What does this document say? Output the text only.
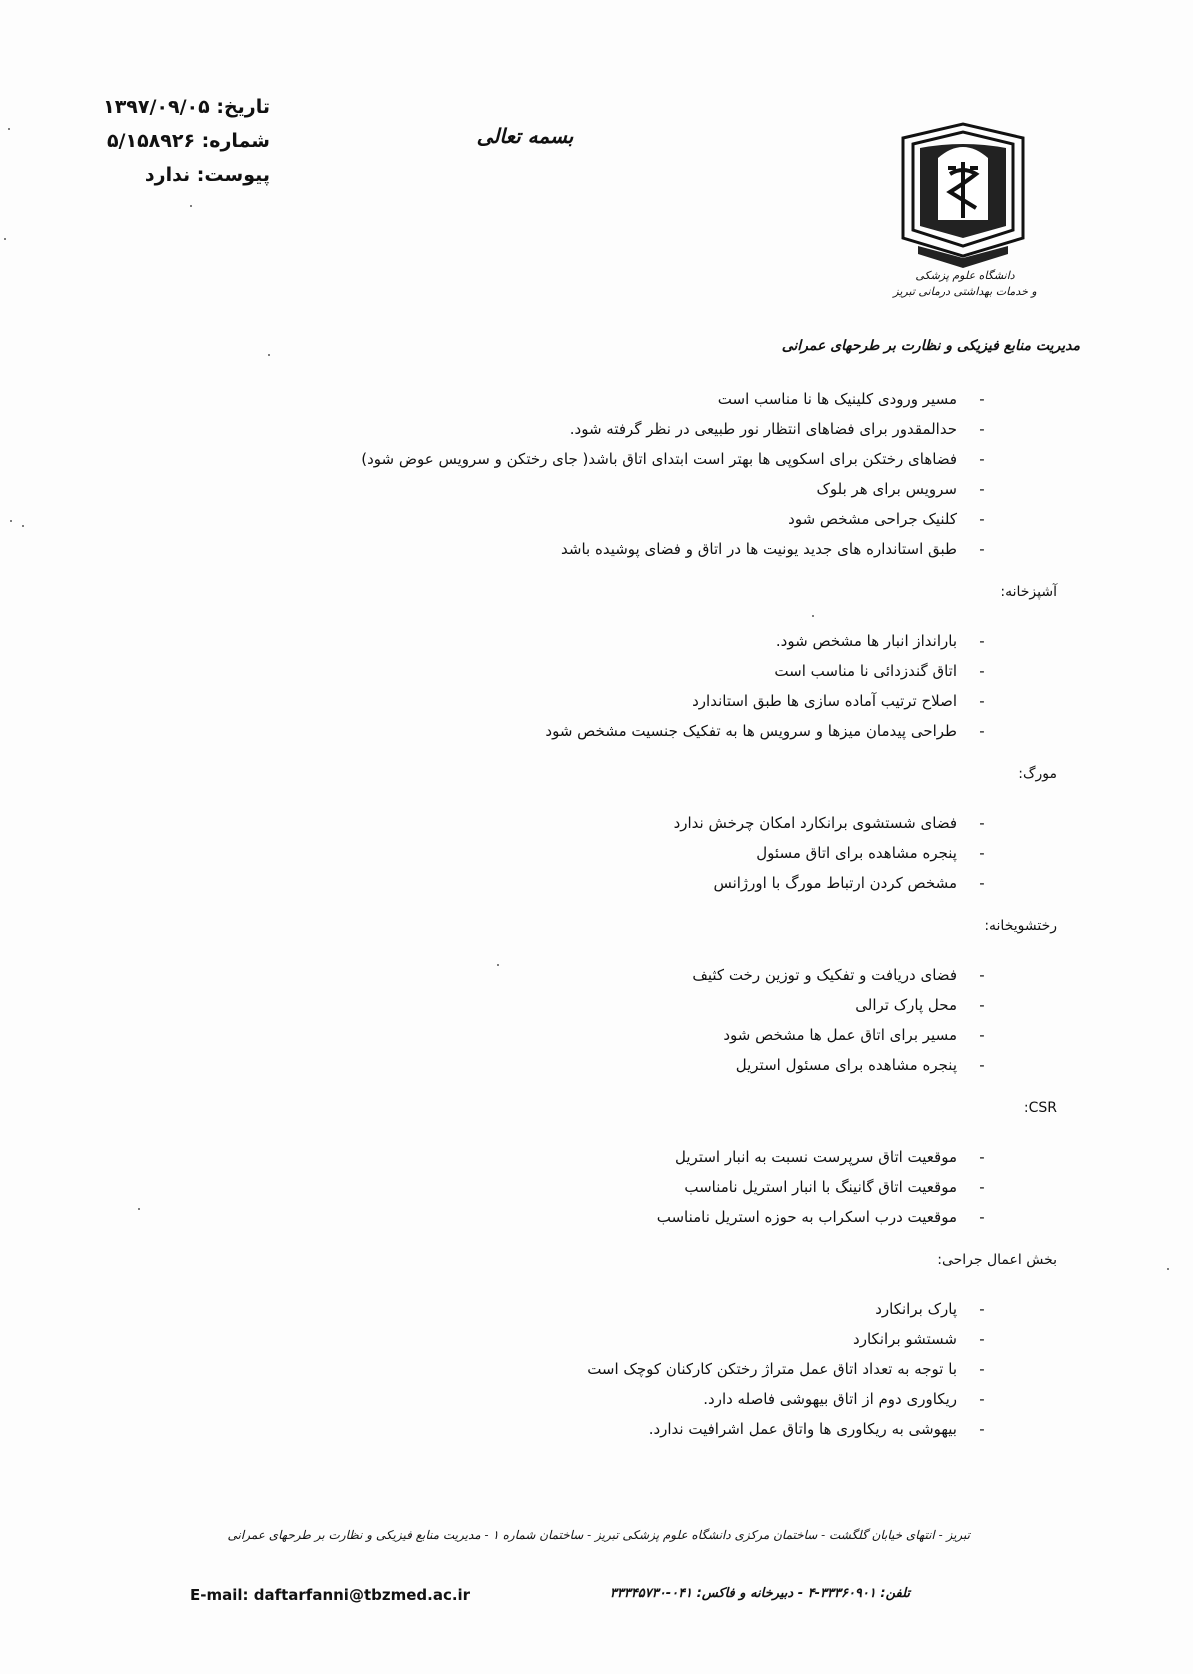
تاریخ: ۱۳۹۷/۰۹/۰۵
شماره: ۵/۱۵۸۹۲۶
پیوست: ندارد
بسمه تعالی
دانشگاه علوم پزشکی
و خدمات بهداشتی درمانی تبریز
مدیریت منابع فیزیکی و نظارت بر طرحهای عمرانی
-
مسیر ورودی کلینیک ها نا مناسب است
-
حدالمقدور برای فضاهای انتظار نور طبیعی در نظر گرفته شود.
-
فضاهای رختکن برای اسکوپی ها بهتر است ابتدای اتاق باشد( جای رختکن و سرویس عوض شود)
-
سرویس برای هر بلوک
-
کلنیک جراحی مشخص شود
-
طبق استانداره های جدید یونیت ها در اتاق و فضای پوشیده باشد
آشپزخانه:
-
بارانداز انبار ها مشخص شود.
-
اتاق گندزدائی نا مناسب است
-
اصلاح ترتیب آماده سازی ها طبق استاندارد
-
طراحی پیدمان میزها و سرویس ها به تفکیک جنسیت مشخص شود
مورگ:
-
فضای شستشوی برانکارد امکان چرخش ندارد
-
پنجره مشاهده برای اتاق مسئول
-
مشخص کردن ارتباط مورگ با اورژانس
رختشویخانه:
-
فضای دریافت و تفکیک و توزین رخت کثیف
-
محل پارک ترالی
-
مسیر برای اتاق عمل ها مشخص شود
-
پنجره مشاهده برای مسئول استریل
CSR:
-
موقعیت اتاق سرپرست نسبت به انبار استریل
-
موقعیت اتاق گانینگ با انبار استریل نامناسب
-
موقعیت درب اسکراب به حوزه استریل نامناسب
بخش اعمال جراحی:
-
پارک برانکارد
-
شستشو برانکارد
-
با توجه به تعداد اتاق عمل متراژ رختکن کارکنان کوچک است
-
ریکاوری دوم از اتاق بیهوشی فاصله دارد.
-
بیهوشی به ریکاوری ها واتاق عمل اشرافیت ندارد.
تبریز - انتهای خیابان گلگشت - ساختمان مرکزی دانشگاه علوم پزشکی تبریز - ساختمان شماره ۱ - مدیریت منابع فیزیکی و نظارت بر طرحهای عمرانی
E-mail: daftarfanni@tbzmed.ac.ir	تلفن: ۳۳۳۶۰۹۰۱-۴ - دبیرخانه و فاکس: ۰۴۱-۳۳۳۴۵۷۳۰
